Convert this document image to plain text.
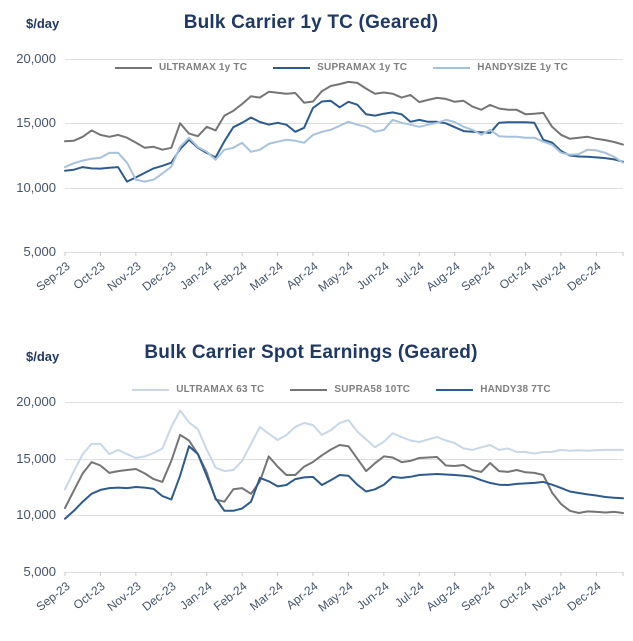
$/day	Bulk Carrier 1y TC (Geared)
ULTRAMAX 1y TC	SUPRAMAX 1y TC	HANDYSIZE 1y TC
20,000
15,000
10,000
5,000
Sep-23
Oct-23
Nov-23
Dec-23
Jan-24
Feb-24
Mar-24
Apr-24
May-24
Jun-24 Jul-24
Aug-24
Sep-24
Oct-24
Nov-24
Dec-24
$/day	Bulk Carrier Spot Earnings (Geared)
ULTRAMAX 63 TC	SUPRA58 10TC	HANDY38 7TC
20,000
15,000
10,000
5,000
Sep-23
Oct-23
Nov-23
Dec-23
Jan-24
Feb-24
Mar-24
Apr-24
May-24
Jun-24 Jul-24
Aug-24
Sep-24
Oct-24
Nov-24
Dec-24
